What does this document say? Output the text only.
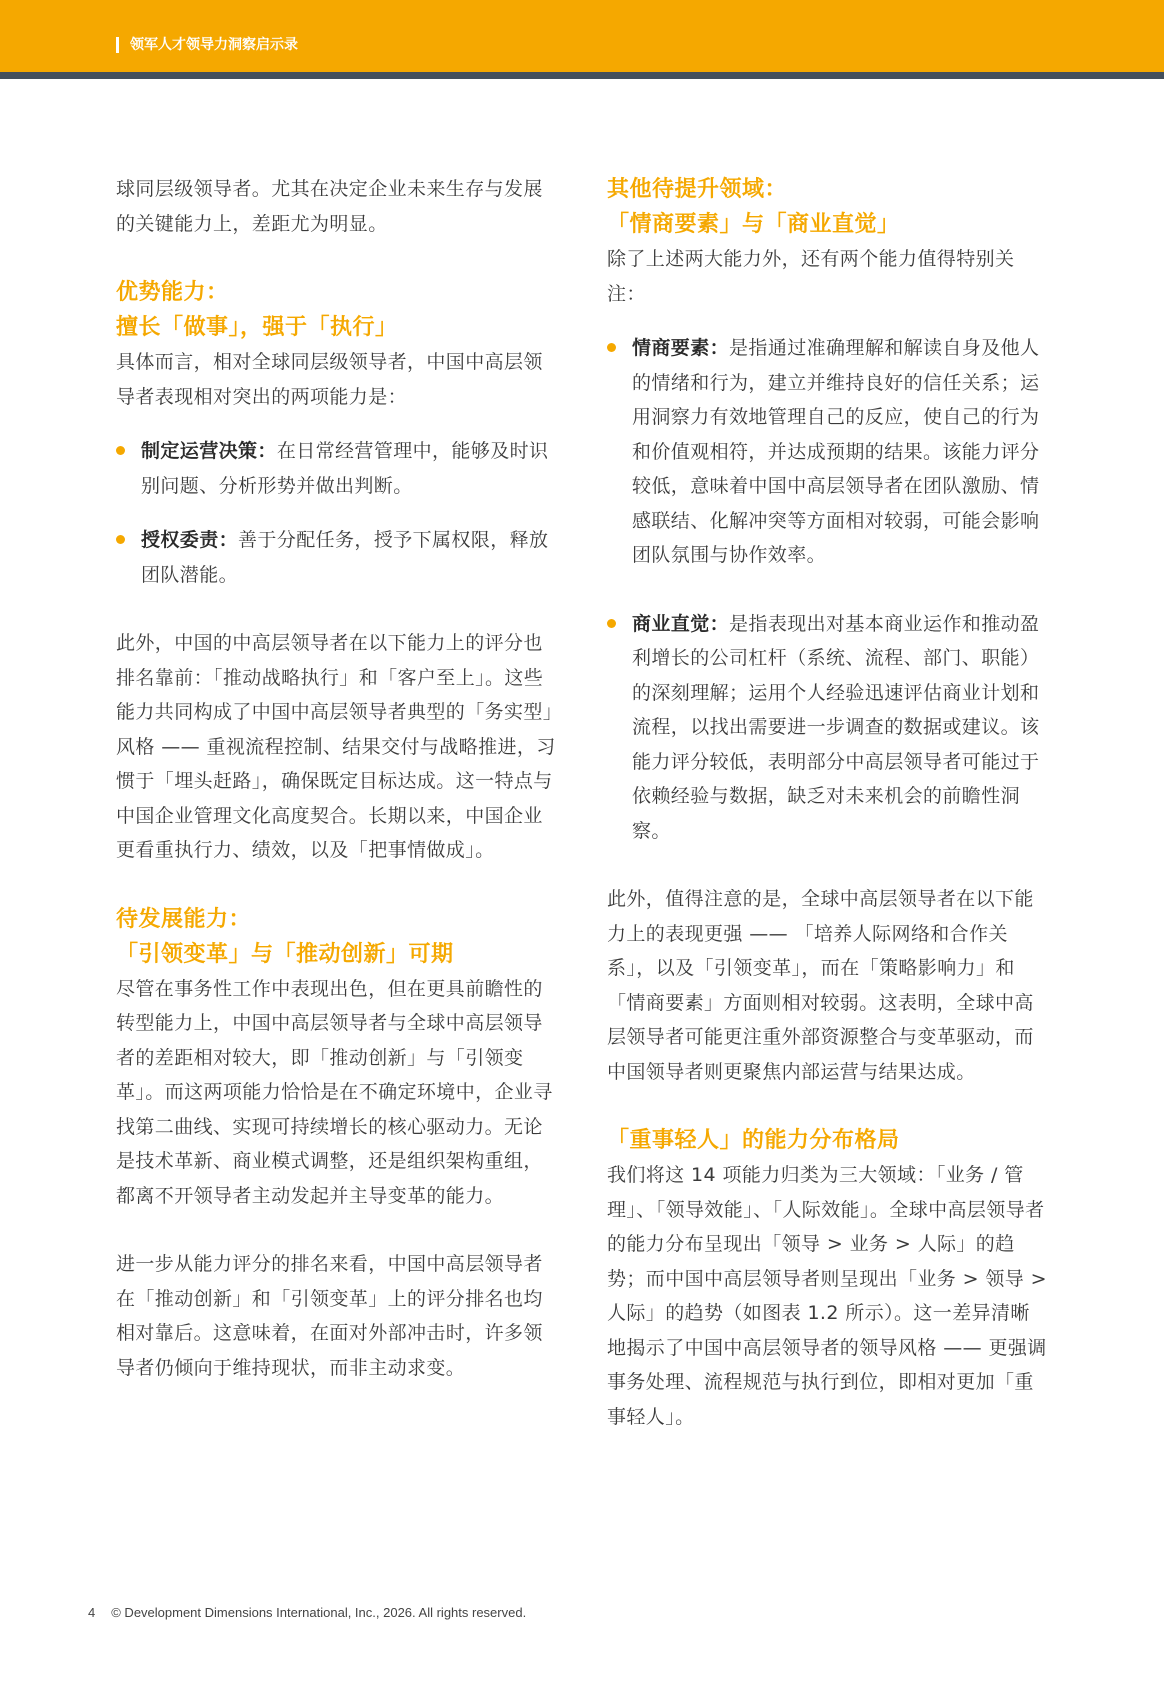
领军人才领导力洞察启示录

球同层级领导者。尤其在决定企业未来生存与发展的关键能力上，差距尤为明显。

优势能力：
擅长「做事」，强于「执行」

具体而言，相对全球同层级领导者，中国中高层领导者表现相对突出的两项能力是：

制定运营决策：在日常经营管理中，能够及时识别问题、分析形势并做出判断。

授权委责：善于分配任务，授予下属权限，释放团队潜能。

此外，中国的中高层领导者在以下能力上的评分也排名靠前：「推动战略执行」和「客户至上」。这些能力共同构成了中国中高层领导者典型的「务实型」风格 —— 重视流程控制、结果交付与战略推进，习惯于「埋头赶路」，确保既定目标达成。这一特点与中国企业管理文化高度契合。长期以来，中国企业更看重执行力、绩效，以及「把事情做成」。

待发展能力：
「引领变革」与「推动创新」可期

尽管在事务性工作中表现出色，但在更具前瞻性的转型能力上，中国中高层领导者与全球中高层领导者的差距相对较大，即「推动创新」与「引领变革」。而这两项能力恰恰是在不确定环境中，企业寻找第二曲线、实现可持续增长的核心驱动力。无论是技术革新、商业模式调整，还是组织架构重组，都离不开领导者主动发起并主导变革的能力。

进一步从能力评分的排名来看，中国中高层领导者在「推动创新」和「引领变革」上的评分排名也均相对靠后。这意味着，在面对外部冲击时，许多领导者仍倾向于维持现状，而非主动求变。

其他待提升领域：
「情商要素」与「商业直觉」

除了上述两大能力外，还有两个能力值得特别关注：

情商要素：是指通过准确理解和解读自身及他人的情绪和行为，建立并维持良好的信任关系；运用洞察力有效地管理自己的反应，使自己的行为和价值观相符，并达成预期的结果。该能力评分较低，意味着中国中高层领导者在团队激励、情感联结、化解冲突等方面相对较弱，可能会影响团队氛围与协作效率。

商业直觉：是指表现出对基本商业运作和推动盈利增长的公司杠杆（系统、流程、部门、职能）的深刻理解；运用个人经验迅速评估商业计划和流程，以找出需要进一步调查的数据或建议。该能力评分较低，表明部分中高层领导者可能过于依赖经验与数据，缺乏对未来机会的前瞻性洞察。

此外，值得注意的是，全球中高层领导者在以下能力上的表现更强 —— 「培养人际网络和合作关系」，以及「引领变革」，而在「策略影响力」和「情商要素」方面则相对较弱。这表明，全球中高层领导者可能更注重外部资源整合与变革驱动，而中国领导者则更聚焦内部运营与结果达成。

「重事轻人」的能力分布格局

我们将这 14 项能力归类为三大领域：「业务 / 管理」、「领导效能」、「人际效能」。全球中高层领导者的能力分布呈现出「领导 > 业务 > 人际」的趋势；而中国中高层领导者则呈现出「业务 > 领导 > 人际」的趋势（如图表 1.2 所示）。这一差异清晰地揭示了中国中高层领导者的领导风格 —— 更强调事务处理、流程规范与执行到位，即相对更加「重事轻人」。

4 © Development Dimensions International, Inc., 2026. All rights reserved.
